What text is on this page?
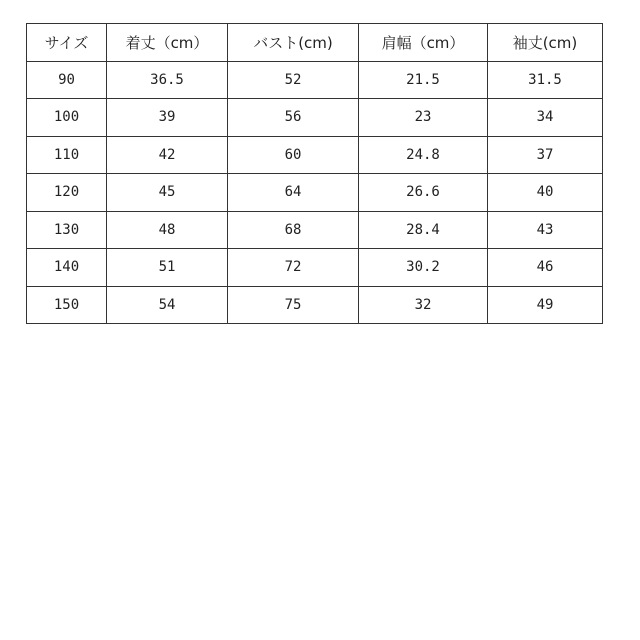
サイズ	着丈（cm）	バスト(cm)	肩幅（cm）	袖丈(cm)
90	36.5	52	21.5	31.5
100	39	56	23	34
110	42	60	24.8	37
120	45	64	26.6	40
130	48	68	28.4	43
140	51	72	30.2	46
150	54	75	32	49
